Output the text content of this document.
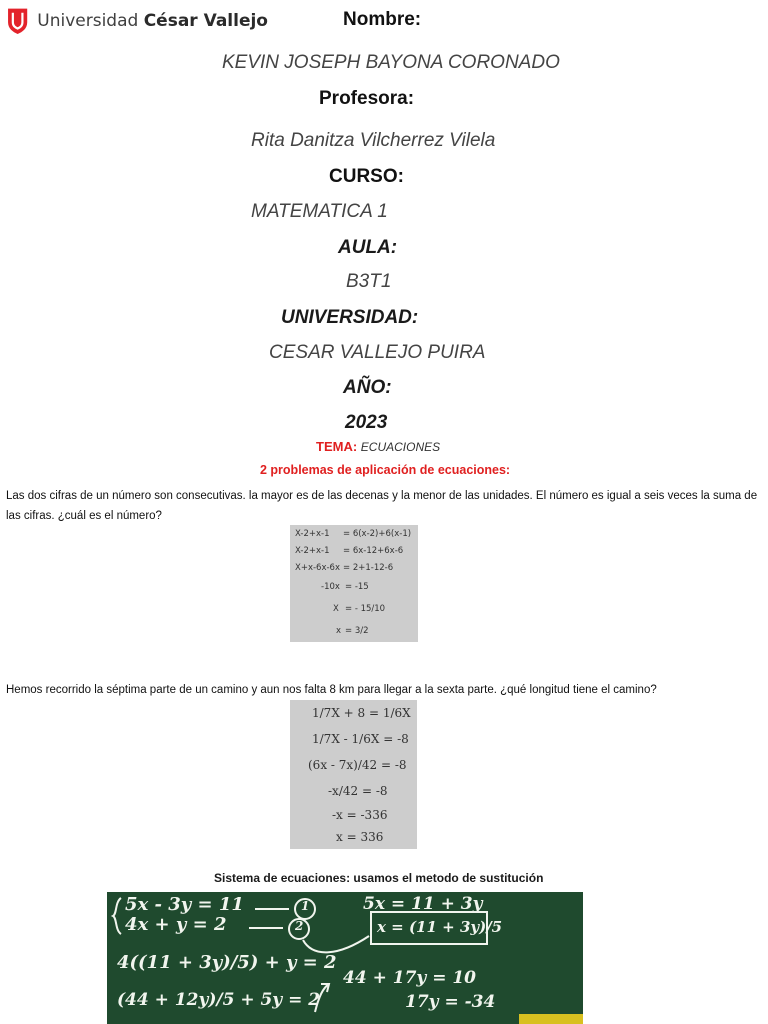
Universidad César Vallejo	Nombre:
KEVIN JOSEPH BAYONA CORONADO
Profesora:
Rita Danitza Vilcherrez Vilela
CURSO:
MATEMATICA 1
AULA:
B3T1
UNIVERSIDAD:
CESAR VALLEJO PUIRA
AÑO:
2023
TEMA: ECUACIONES
2 problemas de aplicación de ecuaciones:
Las dos cifras de un número son consecutivas. la mayor es de las decenas y la menor de las unidades. El número es igual a seis veces la suma de las cifras. ¿cuál es el número?
X-2+x-1 = 6(x-2)+6(x-1)
X-2+x-1 = 6x-12+6x-6
X+x-6x-6x = 2+1-12-6
-10x = -15
X = - 15/10
x = 3/2
Hemos recorrido la séptima parte de un camino y aun nos falta 8 km para llegar a la sexta parte. ¿qué longitud tiene el camino?
1/7X + 8 = 1/6X
1/7X - 1/6X = -8
(6x - 7x)/42 = -8
-x/42 = -8
-x = -336
x = 336
Sistema de ecuaciones: usamos el metodo de sustitución
5x - 3y = 11
4x + y = 2
5x = 11 + 3y
x = (11 + 3y)/5
4((11 + 3y)/5) + y = 2
44 + 17y = 10
(44 + 12y)/5 + 5y = 2	17y = -34
1
2
